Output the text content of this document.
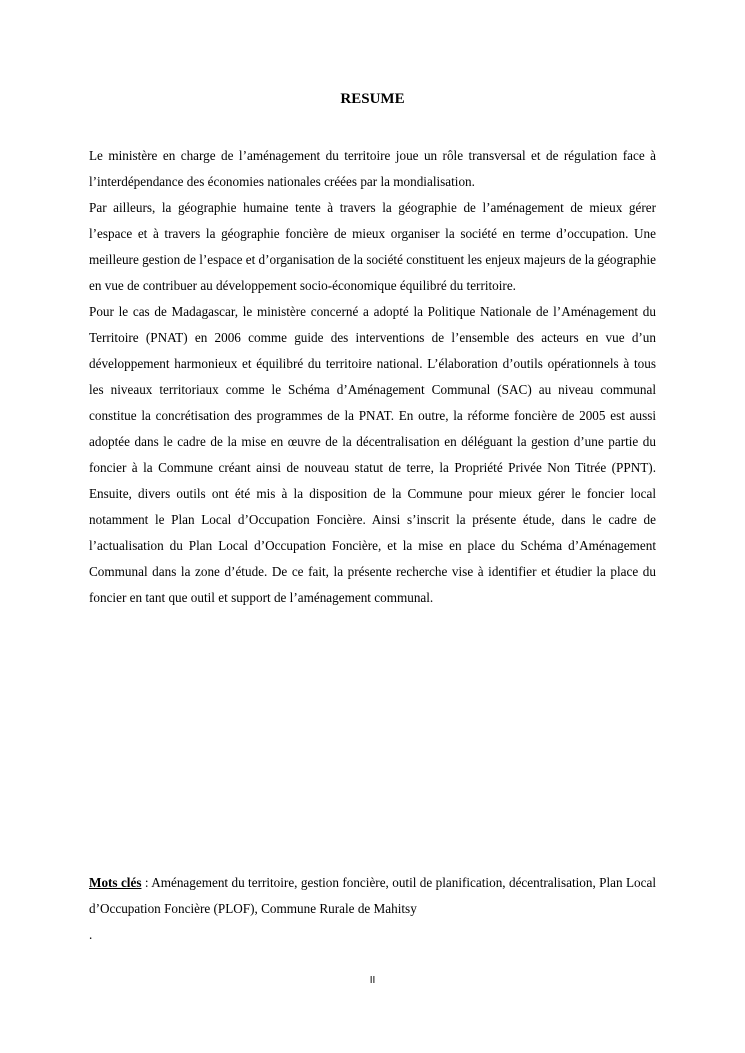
RESUME

Le ministère en charge de l’aménagement du territoire joue un rôle transversal et de régulation face à l’interdépendance des économies nationales créées par la mondialisation.

Par ailleurs, la géographie humaine tente à travers la géographie de l’aménagement de mieux gérer l’espace et à travers la géographie foncière de mieux organiser la société en terme d’occupation. Une meilleure gestion de l’espace et d’organisation de la société constituent les enjeux majeurs de la géographie en vue de contribuer au développement socio-économique équilibré du territoire.

Pour le cas de Madagascar, le ministère concerné a adopté la Politique Nationale de l’Aménagement du Territoire (PNAT) en 2006 comme guide des interventions de l’ensemble des acteurs en vue d’un développement harmonieux et équilibré du territoire national. L’élaboration d’outils opérationnels à tous les niveaux territoriaux comme le Schéma d’Aménagement Communal (SAC) au niveau communal constitue la concrétisation des programmes de la PNAT. En outre, la réforme foncière de 2005 est aussi adoptée dans le cadre de la mise en œuvre de la décentralisation en déléguant la gestion d’une partie du foncier à la Commune créant ainsi de nouveau statut de terre, la Propriété Privée Non Titrée (PPNT). Ensuite, divers outils ont été mis à la disposition de la Commune pour mieux gérer le foncier local notamment le Plan Local d’Occupation Foncière. Ainsi s’inscrit la présente étude, dans le cadre de l’actualisation du Plan Local d’Occupation Foncière, et la mise en place du Schéma d’Aménagement Communal dans la zone d’étude. De ce fait, la présente recherche vise à identifier et étudier la place du foncier en tant que outil et support de l’aménagement communal.

Mots clés : Aménagement du territoire, gestion foncière, outil de planification, décentralisation, Plan Local d’Occupation Foncière (PLOF), Commune Rurale de Mahitsy

.
II
